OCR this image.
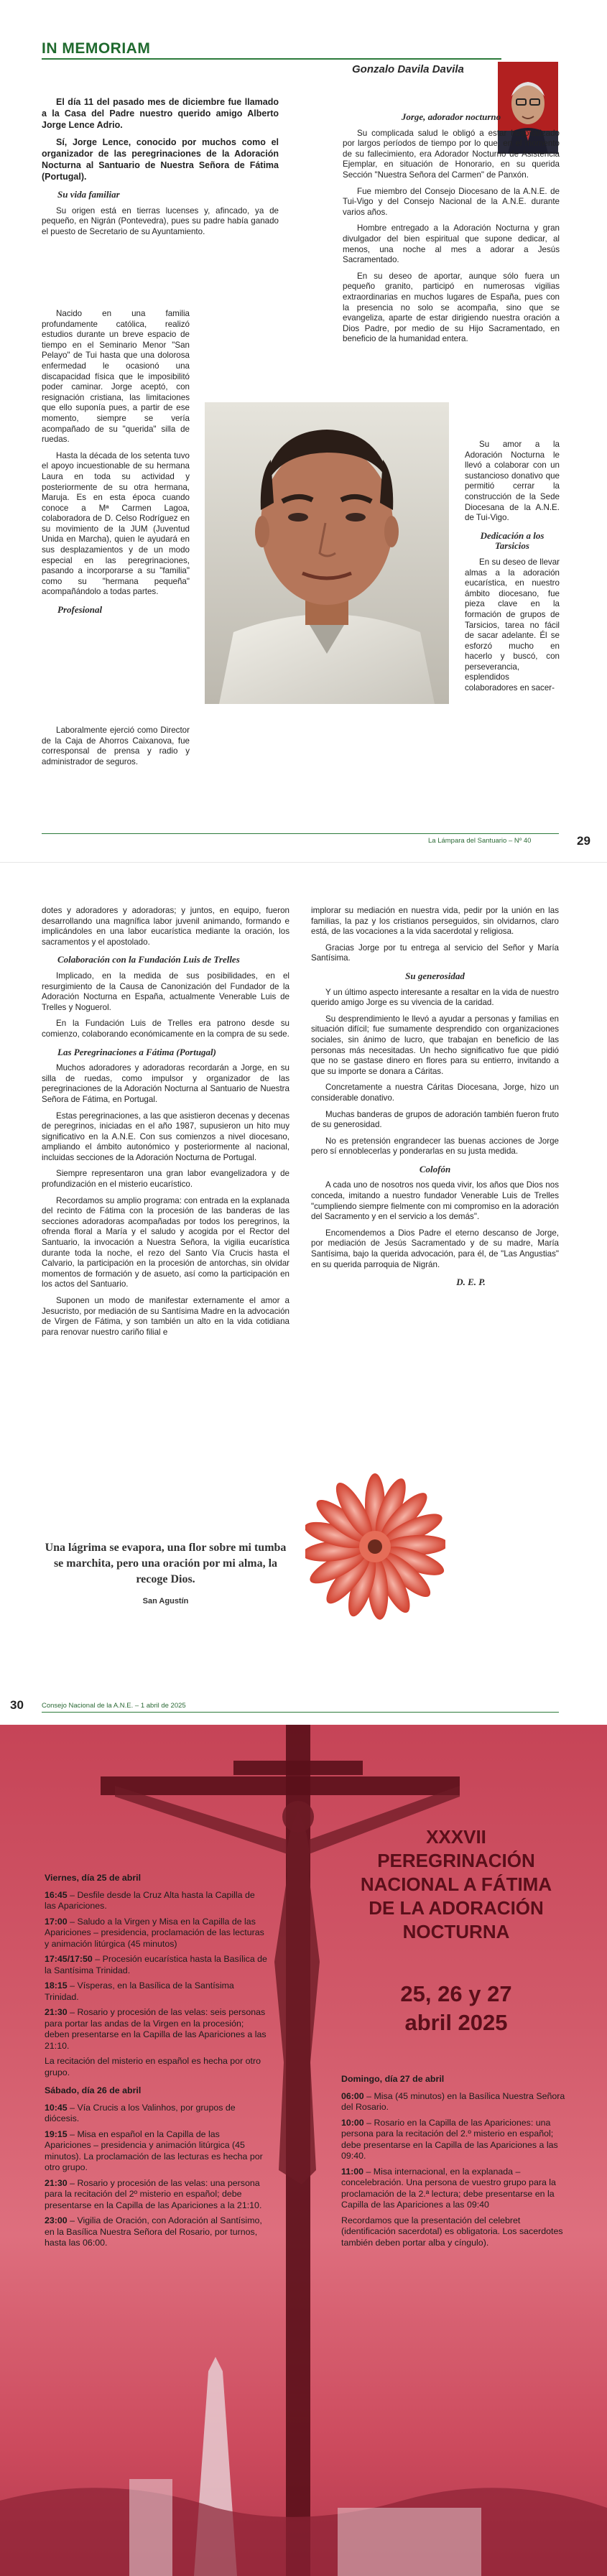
IN MEMORIAM
Gonzalo Davila Davila

El día 11 del pasado mes de diciembre fue llamado a la Casa del Padre nuestro querido amigo Alberto Jorge Lence Adrio.

Sí, Jorge Lence, conocido por muchos como el organizador de las peregrinaciones de la Adoración Nocturna al Santuario de Nuestra Señora de Fátima (Portugal).

Su vida familiar

Su origen está en tierras lucenses y, afincado, ya de pequeño, en Nigrán (Pontevedra), pues su padre había ganado el puesto de Secretario de su Ayuntamiento.

Nacido en una familia profundamente católica, realizó estudios durante un breve espacio de tiempo en el Seminario Menor "San Pelayo" de Tui hasta que una dolorosa enfermedad le ocasionó una discapacidad física que le imposibilitó poder caminar. Jorge aceptó, con resignación cristiana, las limitaciones que ello suponía pues, a partir de ese momento, siempre se vería acompañado de su "querida" silla de ruedas.

Hasta la década de los setenta tuvo el apoyo incuestionable de su hermana Laura en toda su actividad y posteriormente de su otra hermana, Maruja. Es en esta época cuando conoce a Mª Carmen Lagoa, colaboradora de D. Celso Rodríguez en su movimiento de la JUM (Juventud Unida en Marcha), quien le ayudará en sus desplazamientos y de un modo especial en las peregrinaciones, pasando a incorporarse a su "familia" como su "hermana pequeña" acompañándolo a todas partes.

Profesional

Laboralmente ejerció como Director de la Caja de Ahorros Caixanova, fue corresponsal de prensa y radio y administrador de seguros.

Jorge, adorador nocturno

Su complicada salud le obligó a estar hospitalizado por largos períodos de tiempo por lo que, en el momento de su fallecimiento, era Adorador Nocturno de Asistencia Ejemplar, en situación de Honorario, en su querida Sección "Nuestra Señora del Carmen" de Panxón.

Fue miembro del Consejo Diocesano de la A.N.E. de Tui-Vigo y del Consejo Nacional de la A.N.E. durante varios años.

Hombre entregado a la Adoración Nocturna y gran divulgador del bien espiritual que supone dedicar, al menos, una noche al mes a adorar a Jesús Sacramentado.

En su deseo de aportar, aunque sólo fuera un pequeño granito, participó en numerosas vigilias extraordinarias en muchos lugares de España, pues con la presencia no solo se acompaña, sino que se evangeliza, aparte de estar dirigiendo nuestra oración a Dios Padre, por medio de su Hijo Sacramentado, en beneficio de la humanidad entera.

Su amor a la Adoración Nocturna le llevó a colaborar con un sustancioso donativo que permitió cerrar la construcción de la Sede Diocesana de la A.N.E. de Tui-Vigo.

Dedicación a los Tarsicios

En su deseo de llevar almas a la adoración eucarística, en nuestro ámbito diocesano, fue pieza clave en la formación de grupos de Tarsicios, tarea no fácil de sacar adelante. Él se esforzó mucho en hacerlo y buscó, con perseverancia, esplendidos colaboradores en sacer-

La Lámpara del Santuario – Nº 40	29

dotes y adoradores y adoradoras; y juntos, en equipo, fueron desarrollando una magnífica labor juvenil animando, formando e implicándoles en una labor eucarística mediante la oración, los sacramentos y el apostolado.

Colaboración con la Fundación Luis de Trelles

Implicado, en la medida de sus posibilidades, en el resurgimiento de la Causa de Canonización del Fundador de la Adoración Nocturna en España, actualmente Venerable Luis de Trelles y Noguerol.

En la Fundación Luis de Trelles era patrono desde su comienzo, colaborando económicamente en la compra de su sede.

Las Peregrinaciones a Fátima (Portugal)

Muchos adoradores y adoradoras recordarán a Jorge, en su silla de ruedas, como impulsor y organizador de las peregrinaciones de la Adoración Nocturna al Santuario de Nuestra Señora de Fátima, en Portugal.

Estas peregrinaciones, a las que asistieron decenas y decenas de peregrinos, iniciadas en el año 1987, supusieron un hito muy significativo en la A.N.E. Con sus comienzos a nivel diocesano, ampliando el ámbito autonómico y posteriormente al nacional, incluidas secciones de la Adoración Nocturna de Portugal.

Siempre representaron una gran labor evangelizadora y de profundización en el misterio eucarístico.

Recordamos su amplio programa: con entrada en la explanada del recinto de Fátima con la procesión de las banderas de las secciones adoradoras acompañadas por todos los peregrinos, la ofrenda floral a María y el saludo y acogida por el Rector del Santuario, la invocación a Nuestra Señora, la vigilia eucarística durante toda la noche, el rezo del Santo Vía Crucis hasta el Calvario, la participación en la procesión de antorchas, sin olvidar momentos de formación y de asueto, así como la participación en los actos del Santuario.

Suponen un modo de manifestar externamente el amor a Jesucristo, por mediación de su Santísima Madre en la advocación de Virgen de Fátima, y son también un alto en la vida cotidiana para renovar nuestro cariño filial e

Una lágrima se evapora, una flor sobre mi tumba se marchita, pero una oración por mi alma, la recoge Dios.
San Agustín

implorar su mediación en nuestra vida, pedir por la unión en las familias, la paz y los cristianos perseguidos, sin olvidarnos, claro está, de las vocaciones a la vida sacerdotal y religiosa.

Gracias Jorge por tu entrega al servicio del Señor y María Santísima.

Su generosidad

Y un último aspecto interesante a resaltar en la vida de nuestro querido amigo Jorge es su vivencia de la caridad.

Su desprendimiento le llevó a ayudar a personas y familias en situación difícil; fue sumamente desprendido con organizaciones sociales, sin ánimo de lucro, que trabajan en beneficio de las personas más necesitadas. Un hecho significativo fue que pidió que no se gastase dinero en flores para su entierro, invitando a que su importe se donara a Cáritas.

Concretamente a nuestra Cáritas Diocesana, Jorge, hizo un considerable donativo.

Muchas banderas de grupos de adoración también fueron fruto de su generosidad.

No es pretensión engrandecer las buenas acciones de Jorge pero sí ennoblecerlas y ponderarlas en su justa medida.

Colofón

A cada uno de nosotros nos queda vivir, los años que Dios nos conceda, imitando a nuestro fundador Venerable Luis de Trelles "cumpliendo siempre fielmente con mi compromiso en la adoración del Sacramento y en el servicio a los demás".

Encomendemos a Dios Padre el eterno descanso de Jorge, por mediación de Jesús Sacramentado y de su madre, María Santísima, bajo la querida advocación, para él, de "Las Angustias" en su querida parroquia de Nigrán.

D. E. P.
30	Consejo Nacional de la A.N.E. – 1 abril de 2025
XXXVII
PEREGRINACIÓN
NACIONAL A FÁTIMA
DE LA ADORACIÓN
NOCTURNA
25, 26 y 27
abril 2025
Viernes, día 25 de abril

16:45 – Desfile desde la Cruz Alta hasta la Capilla de las Apariciones.

17:00 – Saludo a la Virgen y Misa en la Capilla de las Apariciones – presidencia, proclamación de las lecturas y animación litúrgica (45 minutos)

17:45/17:50 – Procesión eucarística hasta la Basílica de la Santísima Trinidad.

18:15 – Vísperas, en la Basílica de la Santísima Trinidad.

21:30 – Rosario y procesión de las velas: seis personas para portar las andas de la Virgen en la procesión; deben presentarse en la Capilla de las Apariciones a las 21:10.

La recitación del misterio en español es hecha por otro grupo.

Sábado, día 26 de abril

10:45 – Vía Crucis a los Valinhos, por grupos de diócesis.

19:15 – Misa en español en la Capilla de las Apariciones – presidencia y animación litúrgica (45 minutos). La proclamación de las lecturas es hecha por otro grupo.

21:30 – Rosario y procesión de las velas: una persona para la recitación del 2º misterio en español; debe presentarse en la Capilla de las Apariciones a la 21:10.

23:00 – Vigilia de Oración, con Adoración al Santísimo, en la Basílica Nuestra Señora del Rosario, por turnos, hasta las 06:00.

Domingo, día 27 de abril

06:00 – Misa (45 minutos) en la Basílica Nuestra Señora del Rosario.

10:00 – Rosario en la Capilla de las Apariciones: una persona para la recitación del 2.º misterio en español; debe presentarse en la Capilla de las Apariciones a las 09:40.

11:00 – Misa internacional, en la explanada – concelebración. Una persona de vuestro grupo para la proclamación de la 2.ª lectura; debe presentarse en la Capilla de las Apariciones a las 09:40

Recordamos que la presentación del celebret (identificación sacerdotal) es obligatoria. Los sacerdotes también deben portar alba y cíngulo).
